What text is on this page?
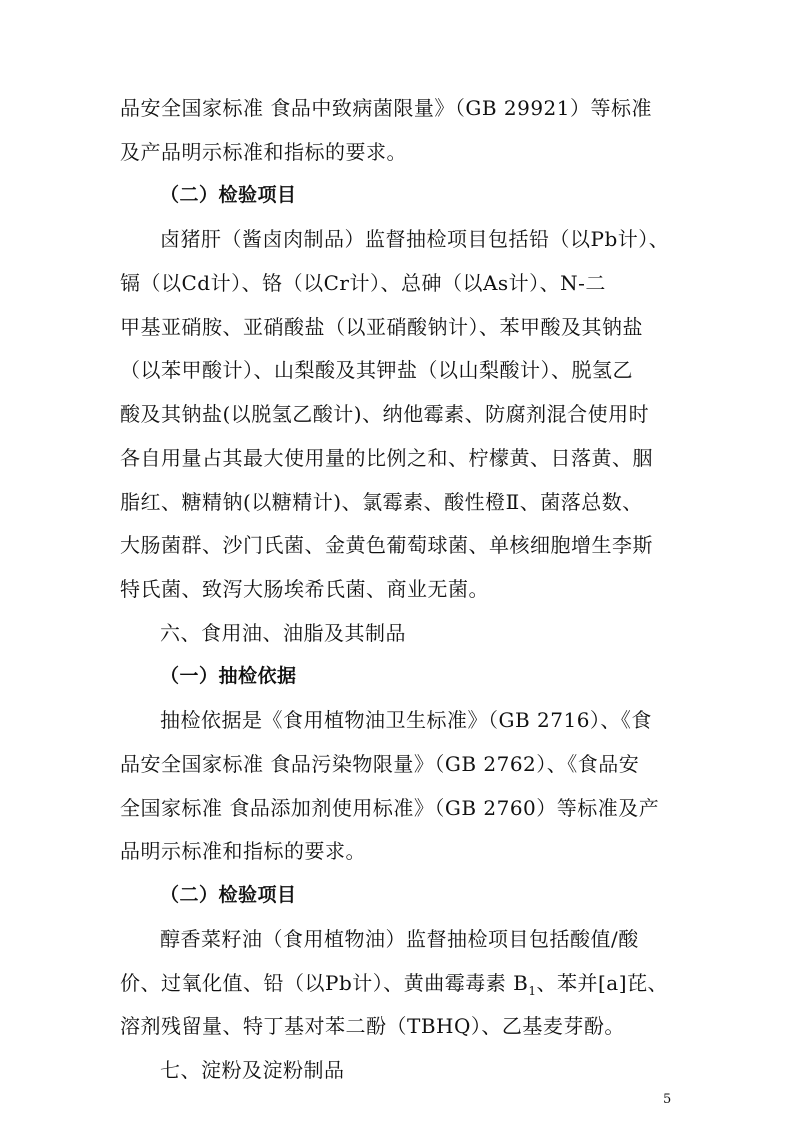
品安全国家标准 食品中致病菌限量》（GB 29921）等标准
及产品明示标准和指标的要求。
（二）检验项目
卤猪肝（酱卤肉制品）监督抽检项目包括铅（以Pb计）、
镉（以Cd计）、铬（以Cr计）、总砷（以As计）、N-二
甲基亚硝胺、亚硝酸盐（以亚硝酸钠计）、苯甲酸及其钠盐
（以苯甲酸计）、山梨酸及其钾盐（以山梨酸计）、脱氢乙
酸及其钠盐(以脱氢乙酸计)、纳他霉素、防腐剂混合使用时
各自用量占其最大使用量的比例之和、柠檬黄、日落黄、胭
脂红、糖精钠(以糖精计)、氯霉素、酸性橙Ⅱ、菌落总数、
大肠菌群、沙门氏菌、金黄色葡萄球菌、单核细胞增生李斯
特氏菌、致泻大肠埃希氏菌、商业无菌。
六、食用油、油脂及其制品
（一）抽检依据
抽检依据是《食用植物油卫生标准》（GB 2716）、《食
品安全国家标准 食品污染物限量》（GB 2762）、《食品安
全国家标准 食品添加剂使用标准》（GB 2760）等标准及产
品明示标准和指标的要求。
（二）检验项目
醇香菜籽油（食用植物油）监督抽检项目包括酸值/酸
价、过氧化值、铅（以Pb计）、黄曲霉毒素 $B_1$、苯并[a]芘、
溶剂残留量、特丁基对苯二酚（TBHQ）、乙基麦芽酚。
七、淀粉及淀粉制品
5
